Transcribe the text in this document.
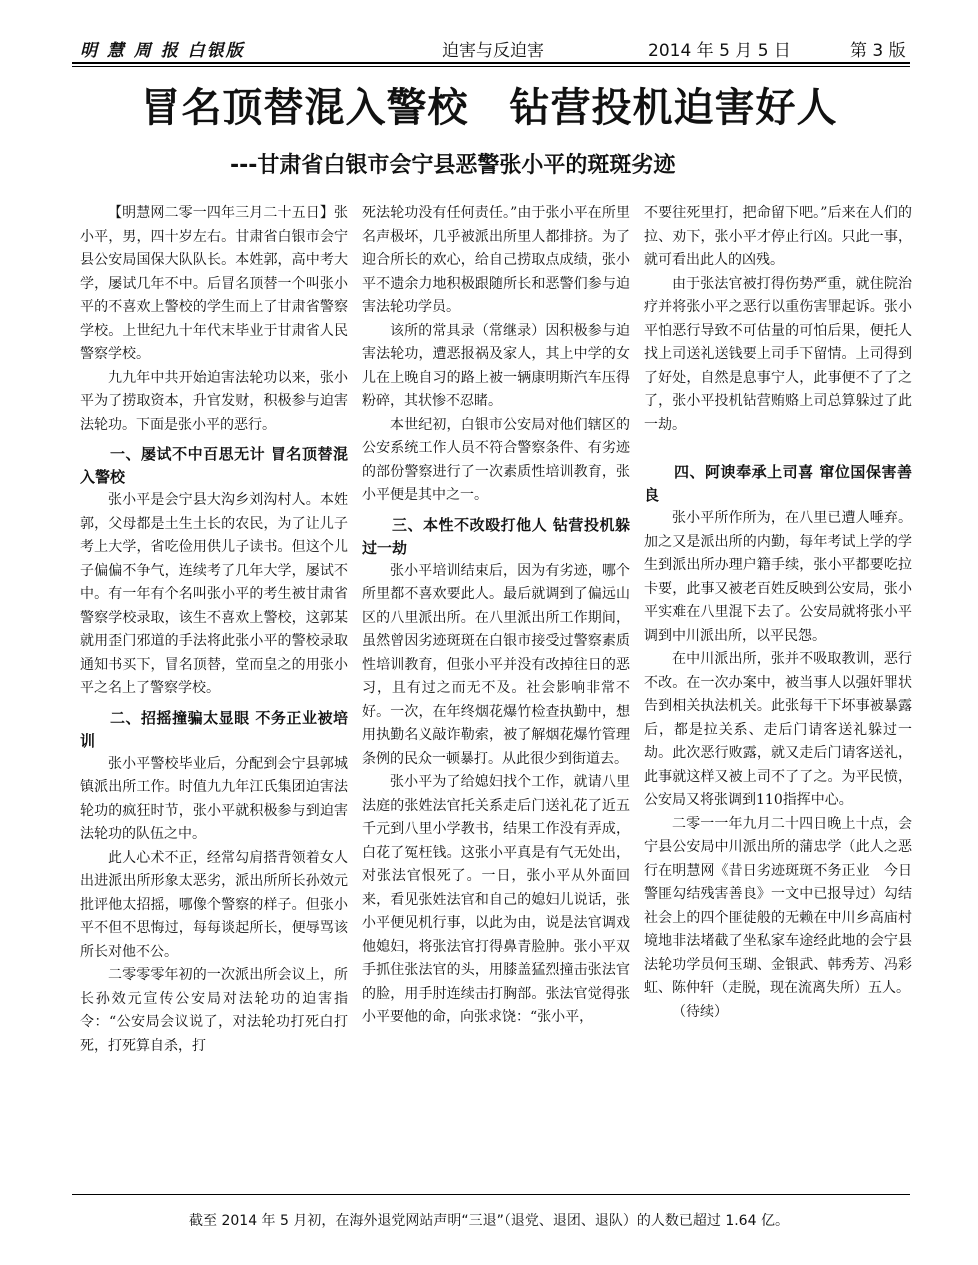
明 慧 周 报 白银版	迫害与反迫害	2014 年 5 月 5 日	第 3 版
冒名顶替混入警校　钻营投机迫害好人
---甘肃省白银市会宁县恶警张小平的斑斑劣迹

【明慧网二零一四年三月二十五日】张小平，男，四十岁左右。甘肃省白银市会宁县公安局国保大队队长。本姓郭，高中考大学，屡试几年不中。后冒名顶替一个叫张小平的不喜欢上警校的学生而上了甘肃省警察学校。上世纪九十年代末毕业于甘肃省人民警察学校。

九九年中共开始迫害法轮功以来，张小平为了捞取资本，升官发财，积极参与迫害法轮功。下面是张小平的恶行。

一、屡试不中百思无计 冒名顶替混入警校

张小平是会宁县大沟乡刘沟村人。本姓郭，父母都是土生土长的农民，为了让儿子考上大学，省吃俭用供儿子读书。但这个儿子偏偏不争气，连续考了几年大学，屡试不中。有一年有个名叫张小平的考生被甘肃省警察学校录取，该生不喜欢上警校，这郭某就用歪门邪道的手法将此张小平的警校录取通知书买下，冒名顶替，堂而皇之的用张小平之名上了警察学校。

二、招摇撞骗太显眼 不务正业被培训

张小平警校毕业后，分配到会宁县郭城镇派出所工作。时值九九年江氏集团迫害法轮功的疯狂时节，张小平就积极参与到迫害法轮功的队伍之中。

此人心术不正，经常勾肩搭背领着女人出进派出所形象太恶劣，派出所所长孙效元批评他太招摇，哪像个警察的样子。但张小平不但不思悔过，每每谈起所长，便辱骂该所长对他不公。

二零零零年初的一次派出所会议上，所长孙效元宣传公安局对法轮功的迫害指令：“公安局会议说了，对法轮功打死白打死，打死算自杀，打

死法轮功没有任何责任。”由于张小平在所里名声极坏，几乎被派出所里人都排挤。为了迎合所长的欢心，给自己捞取点成绩，张小平不遗余力地积极跟随所长和恶警们参与迫害法轮功学员。

该所的常具录（常继录）因积极参与迫害法轮功，遭恶报祸及家人，其上中学的女儿在上晚自习的路上被一辆康明斯汽车压得粉碎，其状惨不忍睹。

本世纪初，白银市公安局对他们辖区的公安系统工作人员不符合警察条件、有劣迹的部份警察进行了一次素质性培训教育，张小平便是其中之一。

三、本性不改殴打他人 钻营投机躲过一劫

张小平培训结束后，因为有劣迹，哪个所里都不喜欢要此人。最后就调到了偏远山区的八里派出所。在八里派出所工作期间，虽然曾因劣迹斑斑在白银市接受过警察素质性培训教育，但张小平并没有改掉往日的恶习，且有过之而无不及。社会影响非常不好。一次，在年终烟花爆竹检查执勤中，想用执勤名义敲诈勒索，被了解烟花爆竹管理条例的民众一顿暴打。从此很少到街道去。

张小平为了给媳妇找个工作，就请八里法庭的张姓法官托关系走后门送礼花了近五千元到八里小学教书，结果工作没有弄成，白花了冤枉钱。这张小平真是有气无处出，对张法官恨死了。一日，张小平从外面回来，看见张姓法官和自己的媳妇儿说话，张小平便见机行事，以此为由，说是法官调戏他媳妇，将张法官打得鼻青脸肿。张小平双手抓住张法官的头，用膝盖猛烈撞击张法官的脸，用手肘连续击打胸部。张法官觉得张小平要他的命，向张求饶：“张小平，

不要往死里打，把命留下吧。”后来在人们的拉、劝下，张小平才停止行凶。只此一事，就可看出此人的凶残。

由于张法官被打得伤势严重，就住院治疗并将张小平之恶行以重伤害罪起诉。张小平怕恶行导致不可估量的可怕后果，便托人找上司送礼送钱要上司手下留情。上司得到了好处，自然是息事宁人，此事便不了了之了，张小平投机钻营贿赂上司总算躲过了此一劫。

四、阿谀奉承上司喜 窜位国保害善良

张小平所作所为，在八里已遭人唾弃。加之又是派出所的内勤，每年考试上学的学生到派出所办理户籍手续，张小平都要吃拉卡要，此事又被老百姓反映到公安局，张小平实难在八里混下去了。公安局就将张小平调到中川派出所，以平民怨。

在中川派出所，张并不吸取教训，恶行不改。在一次办案中，被当事人以强奸罪状告到相关执法机关。此张每干下坏事被暴露后，都是拉关系、走后门请客送礼躲过一劫。此次恶行败露，就又走后门请客送礼，此事就这样又被上司不了了之。为平民愤，公安局又将张调到110指挥中心。

二零一一年九月二十四日晚上十点，会宁县公安局中川派出所的蒲忠学（此人之恶行在明慧网《昔日劣迹斑斑不务正业　今日警匪勾结残害善良》一文中已报导过）勾结社会上的四个匪徒般的无赖在中川乡高庙村境地非法堵截了坐私家车途经此地的会宁县法轮功学员何玉瑚、金银武、韩秀芳、冯彩虹、陈仲轩（走脱，现在流离失所）五人。

（待续）

截至 2014 年 5 月初，在海外退党网站声明“三退”（退党、退团、退队）的人数已超过 1.64 亿。
